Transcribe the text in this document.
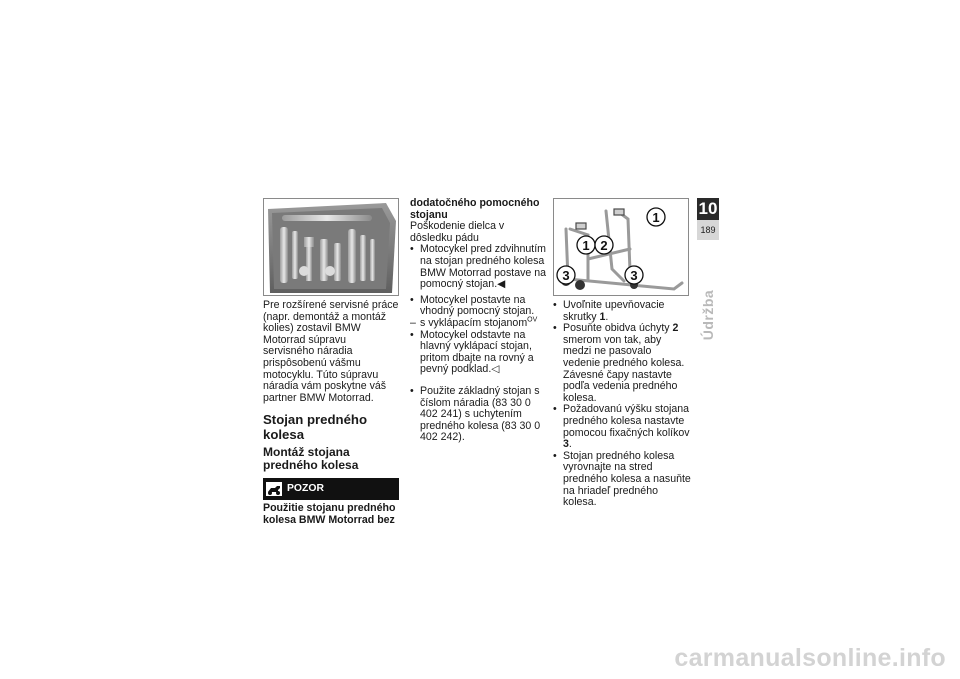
Pre rozšírené servisné práce (napr. demontáž a montáž kolies) zostavil BMW Motorrad súpravu servisného náradia prispôsobenú vášmu motocyklu. Túto súpravu náradia vám poskytne váš partner BMW Motorrad.

Stojan predného kolesa
Montáž stojana predného kolesa
POZOR

Použitie stojanu predného kolesa BMW Motorrad bez

dodatočného pomocného stojanu

Poškodenie dielca v dôsledku pádu

• Motocykel pred zdvihnutím na stojan predného kolesa BMW Motorrad postave na pomocný stojan.◀
• Motocykel postavte na vhodný pomocný stojan.
– s vyklápacím stojanom$^{OV}$
• Motocykel odstavte na hlavný vyklápací stojan, pritom dbajte na rovný a pevný podklad.◁
• Použite základný stojan s číslom náradia (83 30 0 402 241) s uchytením predného kolesa (83 30 0 402 242).
1
1 2
3	3
• Uvoľnite upevňovacie skrutky 1.
• Posuňte obidva úchyty 2 smerom von tak, aby medzi ne pasovalo vedenie predného kolesa. Závesné čapy nastavte podľa vedenia predného kolesa.
• Požadovanú výšku stojana predného kolesa nastavte pomocou fixačných kolíkov 3.
• Stojan predného kolesa vyrovnajte na stred predného kolesa a nasuňte na hriadeľ predného kolesa.
10
189
Údržba
carmanualsonline.info
